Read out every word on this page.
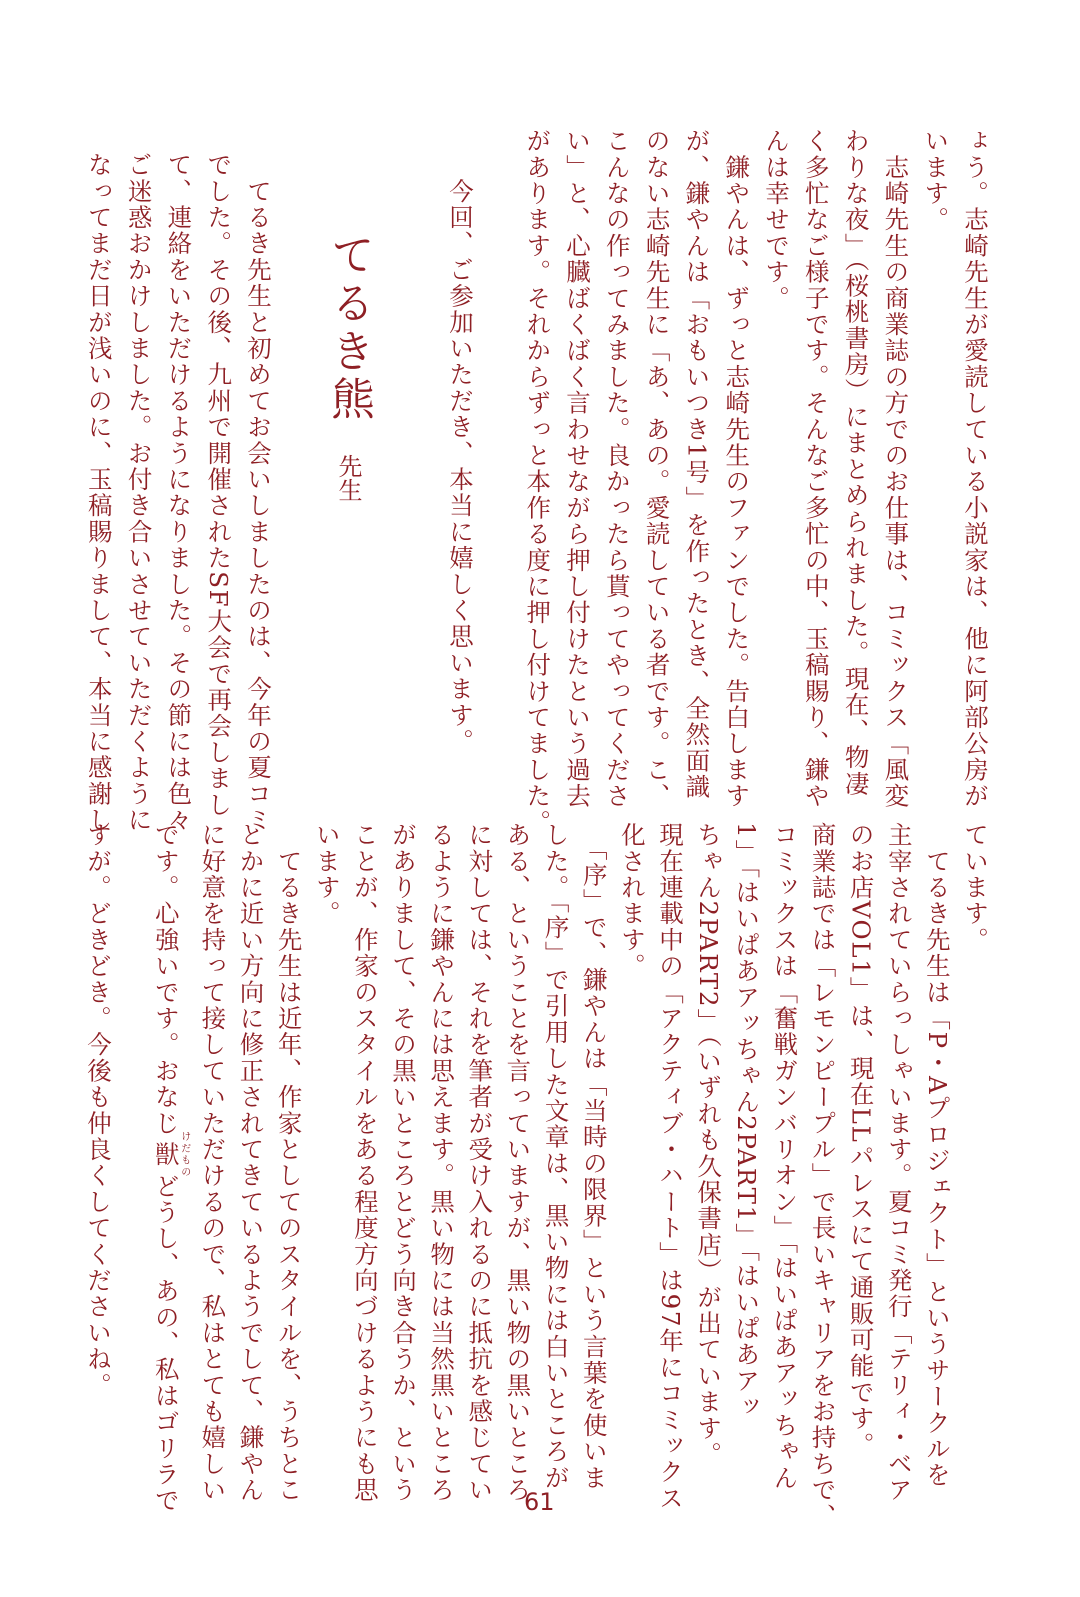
　今回、ご参加いただき、本当に嬉しく思います。
てるき熊先生
です。心強いです。おなじ獣けだものどうし、あの、私はゴリラで
すが。どきどき。今後も仲良くしてくださいね。
61
ょう。志崎先生が愛読している小説家は、他に阿部公房が
います。
　志崎先生の商業誌の方でのお仕事は、コミックス「風変
わりな夜」（桜桃書房）にまとめられました。現在、物凄
く多忙なご様子です。そんなご多忙の中、玉稿賜り、鎌や
んは幸せです。
　鎌やんは、ずっと志崎先生のファンでした。告白します
が、鎌やんは「おもいつき1号」を作ったとき、全然面識
のない志崎先生に「あ、あの。愛読している者です。こ、
こんなの作ってみました。良かったら貰ってやってくださ
い」と、心臓ばくばく言わせながら押し付けたという過去
があります。それからずっと本作る度に押し付けてました。
　てるき先生と初めてお会いしましたのは、今年の夏コミ
でした。その後、九州で開催されたSF大会で再会しまし
て、連絡をいただけるようになりました。その節には色々
ご迷惑おかけしました。お付き合いさせていただくように
なってまだ日が浅いのに、玉稿賜りまして、本当に感謝し
ています。
　てるき先生は「P・Aプロジェクト」というサークルを
主宰されていらっしゃいます。夏コミ発行「テリィ・ベア
のお店VOL1」は、現在LLパレスにて通販可能です。
商業誌では「レモンピープル」で長いキャリアをお持ちで、
コミックスは「奮戦ガンバリオン」「はいぱあアッちゃん
1」「はいぱあアッちゃん2PART1」「はいぱあアッ
ちゃん2PART2」（いずれも久保書店）が出ています。
現在連載中の「アクティブ・ハート」は97年にコミックス
化されます。
　「序」で、鎌やんは「当時の限界」という言葉を使いま
した。「序」で引用した文章は、黒い物には白いところが
ある、ということを言っていますが、黒い物の黒いところ
に対しては、それを筆者が受け入れるのに抵抗を感じてい
るように鎌やんには思えます。黒い物には当然黒いところ
がありまして、その黒いところとどう向き合うか、という
ことが、作家のスタイルをある程度方向づけるようにも思
います。
　てるき先生は近年、作家としてのスタイルを、うちとこ
とかに近い方向に修正されてきているようでして、鎌やん
に好意を持って接していただけるので、私はとても嬉しい
